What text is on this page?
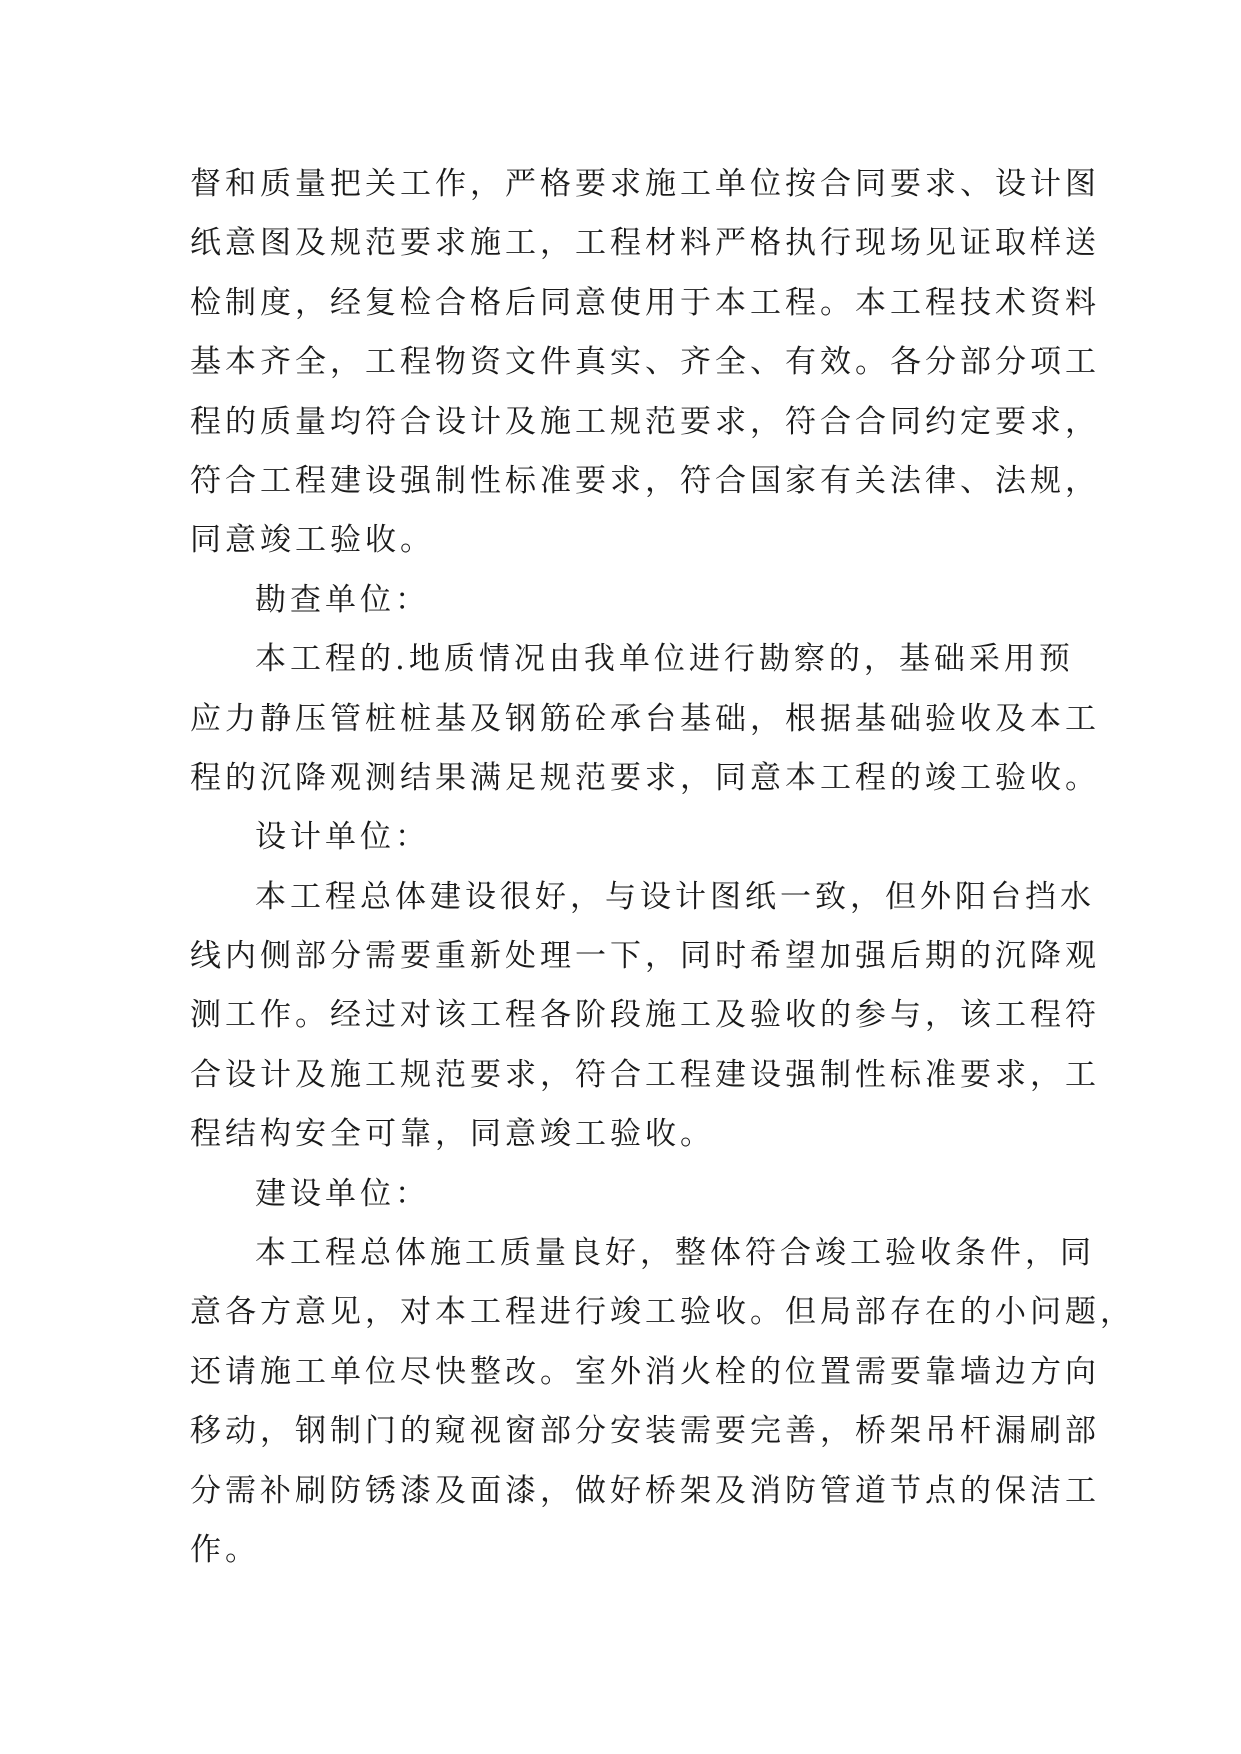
督和质量把关工作，严格要求施工单位按合同要求、设计图

纸意图及规范要求施工，工程材料严格执行现场见证取样送

检制度，经复检合格后同意使用于本工程。本工程技术资料

基本齐全，工程物资文件真实、齐全、有效。各分部分项工

程的质量均符合设计及施工规范要求，符合合同约定要求，

符合工程建设强制性标准要求，符合国家有关法律、法规，

同意竣工验收。

勘查单位：

本工程的.地质情况由我单位进行勘察的，基础采用预

应力静压管桩桩基及钢筋砼承台基础，根据基础验收及本工

程的沉降观测结果满足规范要求，同意本工程的竣工验收。

设计单位：

本工程总体建设很好，与设计图纸一致，但外阳台挡水

线内侧部分需要重新处理一下，同时希望加强后期的沉降观

测工作。经过对该工程各阶段施工及验收的参与，该工程符

合设计及施工规范要求，符合工程建设强制性标准要求，工

程结构安全可靠，同意竣工验收。

建设单位：

本工程总体施工质量良好，整体符合竣工验收条件，同

意各方意见，对本工程进行竣工验收。但局部存在的小问题，

还请施工单位尽快整改。室外消火栓的位置需要靠墙边方向

移动，钢制门的窥视窗部分安装需要完善，桥架吊杆漏刷部

分需补刷防锈漆及面漆，做好桥架及消防管道节点的保洁工

作。
